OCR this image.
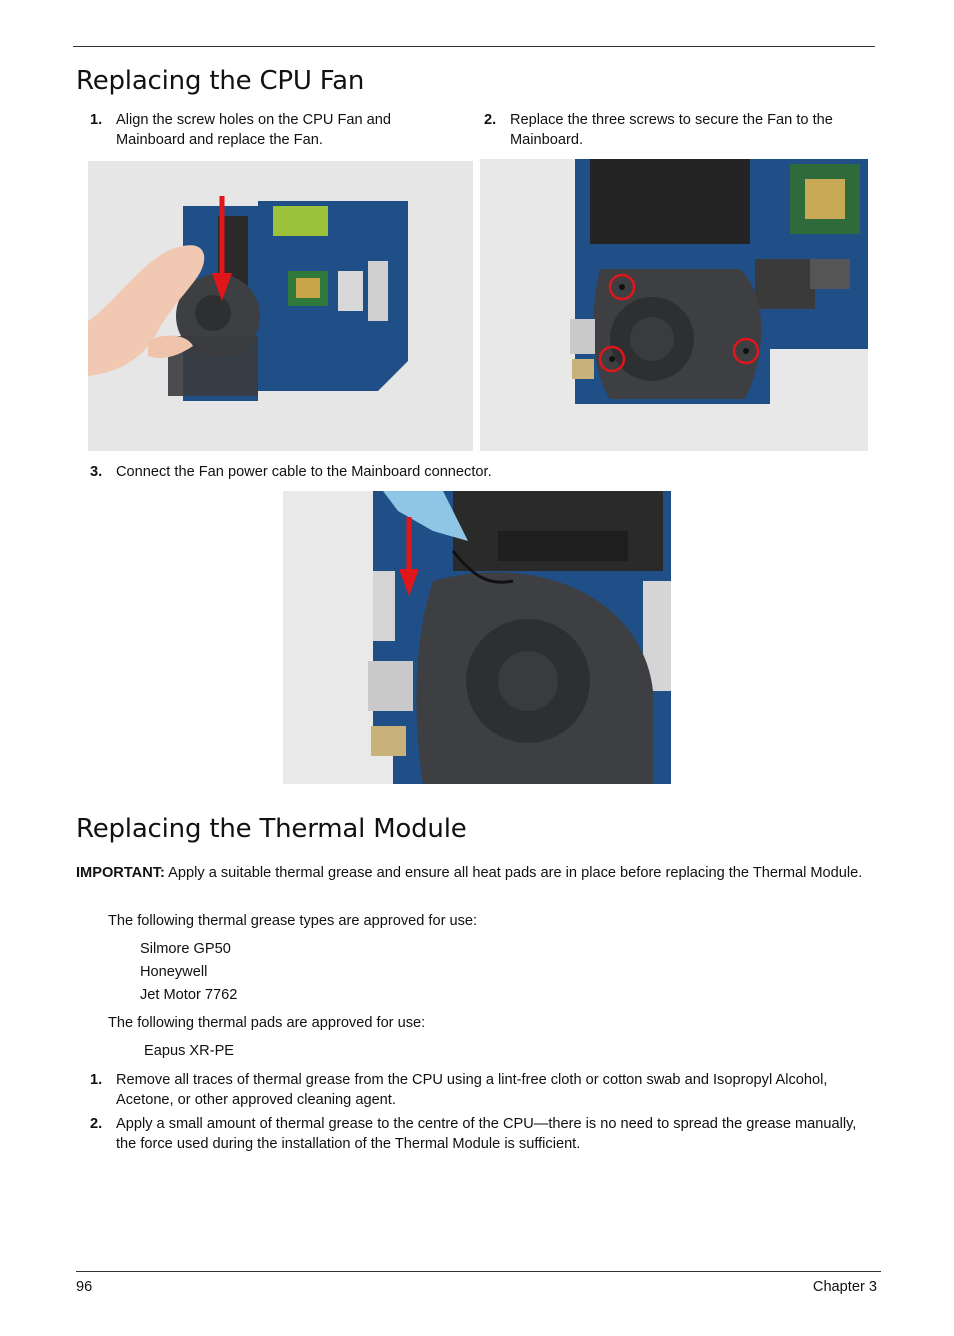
Replacing the CPU Fan
1. Align the screw holes on the CPU Fan and Mainboard and replace the Fan.
2. Replace the three screws to secure the Fan to the Mainboard.
3. Connect the Fan power cable to the Mainboard connector.
Replacing the Thermal Module
IMPORTANT: Apply a suitable thermal grease and ensure all heat pads are in place before replacing the Thermal Module.
The following thermal grease types are approved for use:
Silmore GP50
Honeywell
Jet Motor 7762
The following thermal pads are approved for use:
Eapus XR-PE
1. Remove all traces of thermal grease from the CPU using a lint-free cloth or cotton swab and Isopropyl Alcohol, Acetone, or other approved cleaning agent.
2. Apply a small amount of thermal grease to the centre of the CPU—there is no need to spread the grease manually, the force used during the installation of the Thermal Module is sufficient.
96	Chapter 3
